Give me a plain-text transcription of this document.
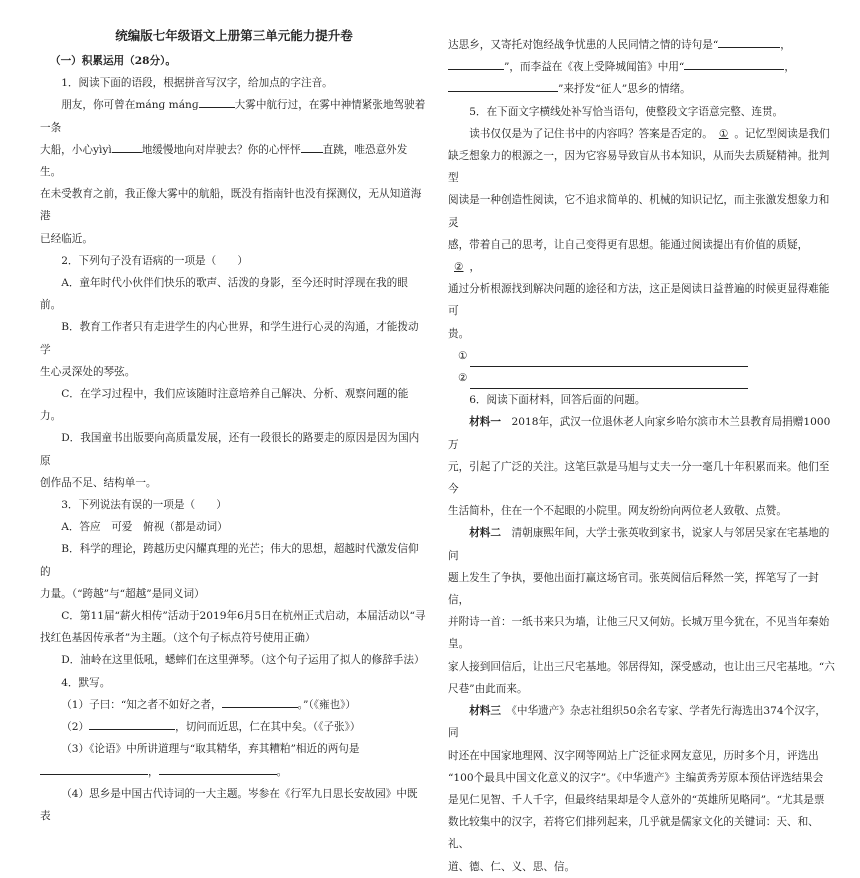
统编版七年级语文上册第三单元能力提升卷
（一）积累运用（28分）。

1．阅读下面的语段，根据拼音写汉字，给加点的字注音。

朋友，你可曾在mánɡ mánɡ	大雾中航行过，在雾中神情紧张地驾驶着一条

大船，小心yìyì	地缓慢地向对岸驶去？你的心怦怦 直跳，唯恐意外发生。

在未受教育之前，我正像大雾中的航船，既没有指南针也没有探测仪，无从知道海港

已经临近。

2．下列句子没有语病的一项是（　　）

A．童年时代小伙伴们快乐的歌声、活泼的身影，至今还时时浮现在我的眼前。

B．教育工作者只有走进学生的内心世界，和学生进行心灵的沟通，才能拨动学

生心灵深处的琴弦。

C．在学习过程中，我们应该随时注意培养自己解决、分析、观察问题的能力。

D．我国童书出版要向高质量发展，还有一段很长的路要走的原因是因为国内原

创作品不足、结构单一。

3．下列说法有误的一项是（　　）

A．答应　可爱　俯视（都是动词）

B．科学的理论，跨越历史闪耀真理的光芒；伟大的思想，超越时代激发信仰的

力量。（“跨越”与“超越”是同义词）

C．第11届“薪火相传”活动于2019年6月5日在杭州正式启动，本届活动以“寻

找红色基因传承者”为主题。（这个句子标点符号使用正确）

D．油岭在这里低吼，蟋蟀们在这里弹琴。（这个句子运用了拟人的修辞手法）

4．默写。

（1）子曰：“知之者不如好之者，	。”（《雍也》）

（2）	，切问而近思，仁在其中矣。（《子张》）

（3）《论语》中所讲道理与“取其精华，弃其糟粕”相近的两句是

，	。

（4）思乡是中国古代诗词的一大主题。岑参在《行军九日思长安故园》中既表

达思乡，又寄托对饱经战争忧患的人民同情之情的诗句是“	，

”，而李益在《夜上受降城闻笛》中用“	，

”来抒发“征人”思乡的情绪。

5．在下面文字横线处补写恰当语句，使整段文字语意完整、连贯。

读书仅仅是为了记住书中的内容吗？答案是否定的。 ① 。记忆型阅读是我们

缺乏想象力的根源之一，因为它容易导致盲从书本知识，从而失去质疑精神。批判型

阅读是一种创造性阅读，它不追求简单的、机械的知识记忆，而主张激发想象力和灵

感，带着自己的思考，让自己变得更有思想。能通过阅读提出有价值的质疑，② ，

通过分析根源找到解决问题的途径和方法，这正是阅读日益普遍的时候更显得难能可

贵。

①
②

6．阅读下面材料，回答后面的问题。

材料一　2018年，武汉一位退休老人向家乡哈尔滨市木兰县教育局捐赠1000万

元，引起了广泛的关注。这笔巨款是马旭与丈夫一分一毫几十年积累而来。他们至今

生活简朴，住在一个不起眼的小院里。网友纷纷向两位老人致敬、点赞。

材料二　清朝康熙年间，大学士张英收到家书，说家人与邻居吴家在宅基地的问

题上发生了争执，要他出面打赢这场官司。张英阅信后释然一笑，挥笔写了一封信，

并附诗一首：一纸书来只为墙，让他三尺又何妨。长城万里今犹在，不见当年秦始皇。

家人接到回信后，让出三尺宅基地。邻居得知，深受感动，也让出三尺宅基地。“六

尺巷”由此而来。

材料三　《中华遗产》杂志社组织50余名专家、学者先行海选出374个汉字，同

时还在中国家地理网、汉字网等网站上广泛征求网友意见，历时多个月，评选出

“100个最具中国文化意义的汉字”。《中华遗产》主编黄秀芳原本预估评选结果会

是见仁见智、千人千字，但最终结果却是令人意外的“英雄所见略同”。“尤其是票

数比较集中的汉字，若将它们排列起来，几乎就是儒家文化的关键词：天、和、礼、

道、德、仁、义、思、信。
